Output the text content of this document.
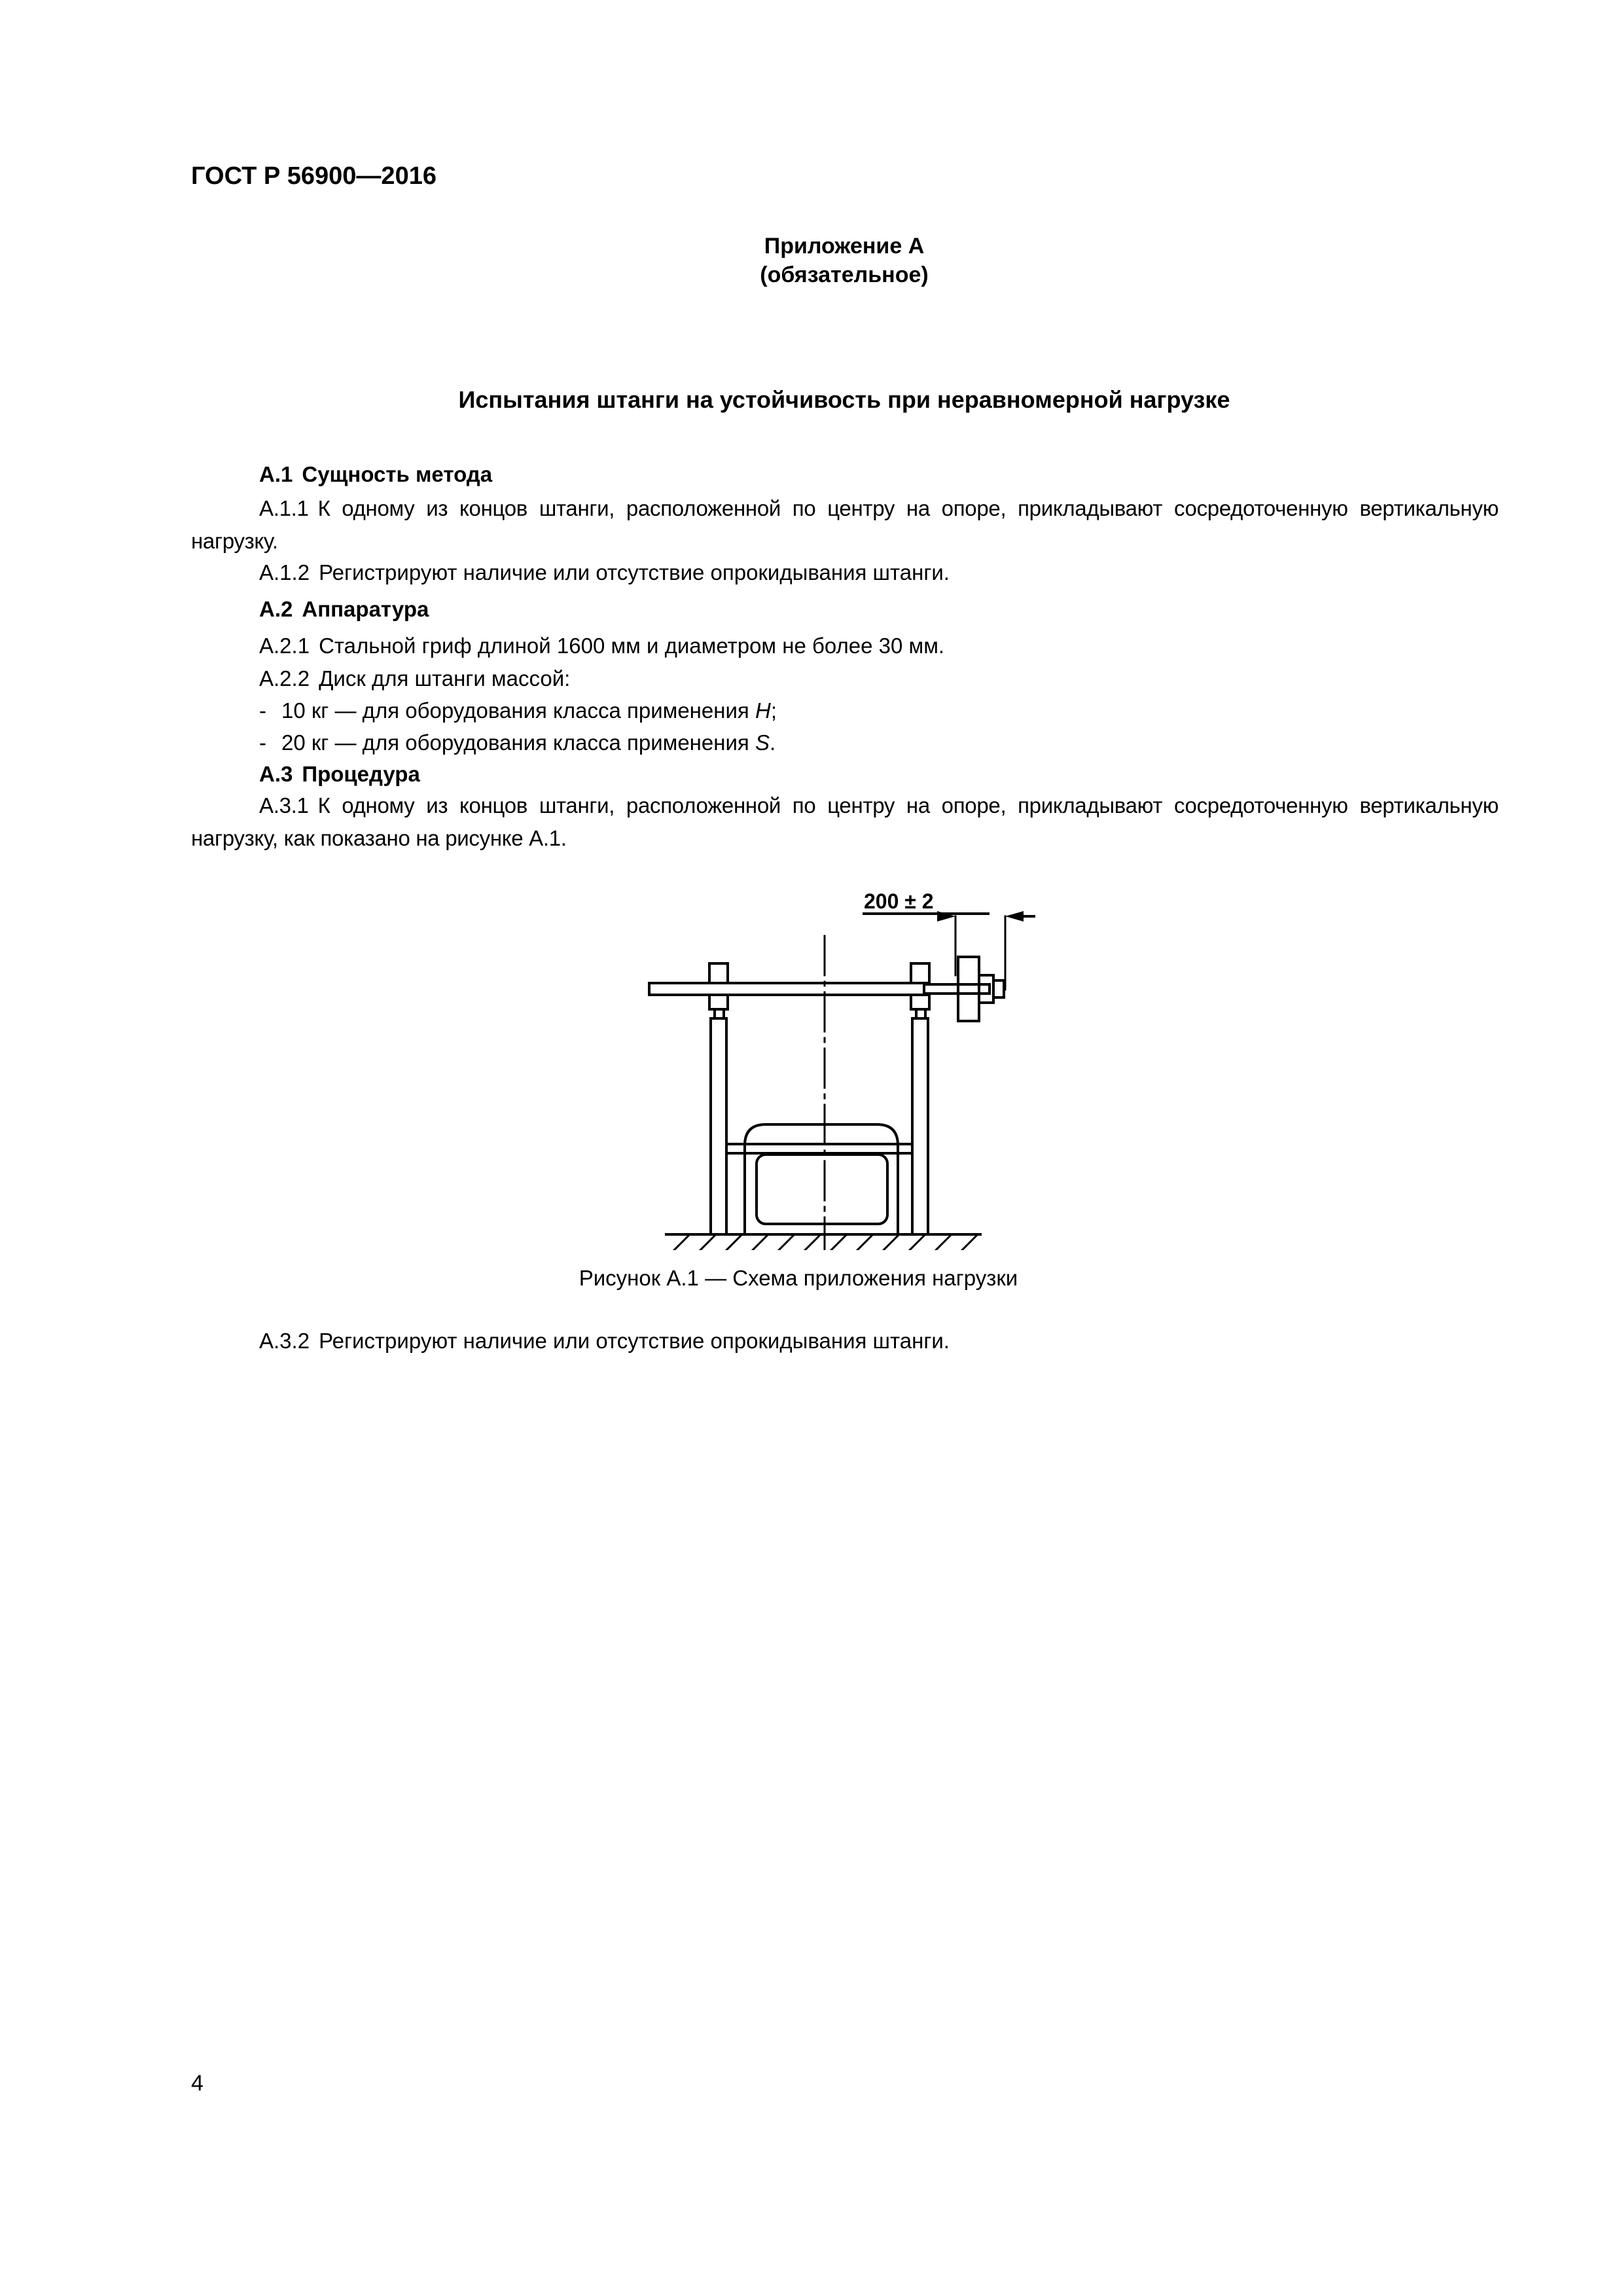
ГОСТ Р 56900—2016
Приложение А
(обязательное)
Испытания штанги на устойчивость при неравномерной нагрузке
А.1 Сущность метода
А.1.1 К одному из концов штанги, расположенной по центру на опоре, прикладывают сосредоточенную вертикальную нагрузку.
А.1.2 Регистрируют наличие или отсутствие опрокидывания штанги.
А.2 Аппаратура
А.2.1 Стальной гриф длиной 1600 мм и диаметром не более 30 мм.
А.2.2 Диск для штанги массой:
- 10 кг — для оборудования класса применения Н;
- 20 кг — для оборудования класса применения S.
А.3 Процедура
А.3.1 К одному из концов штанги, расположенной по центру на опоре, прикладывают сосредоточенную вертикальную нагрузку, как показано на рисунке А.1.
200 ± 2
Рисунок А.1 — Схема приложения нагрузки
А.3.2 Регистрируют наличие или отсутствие опрокидывания штанги.
4
